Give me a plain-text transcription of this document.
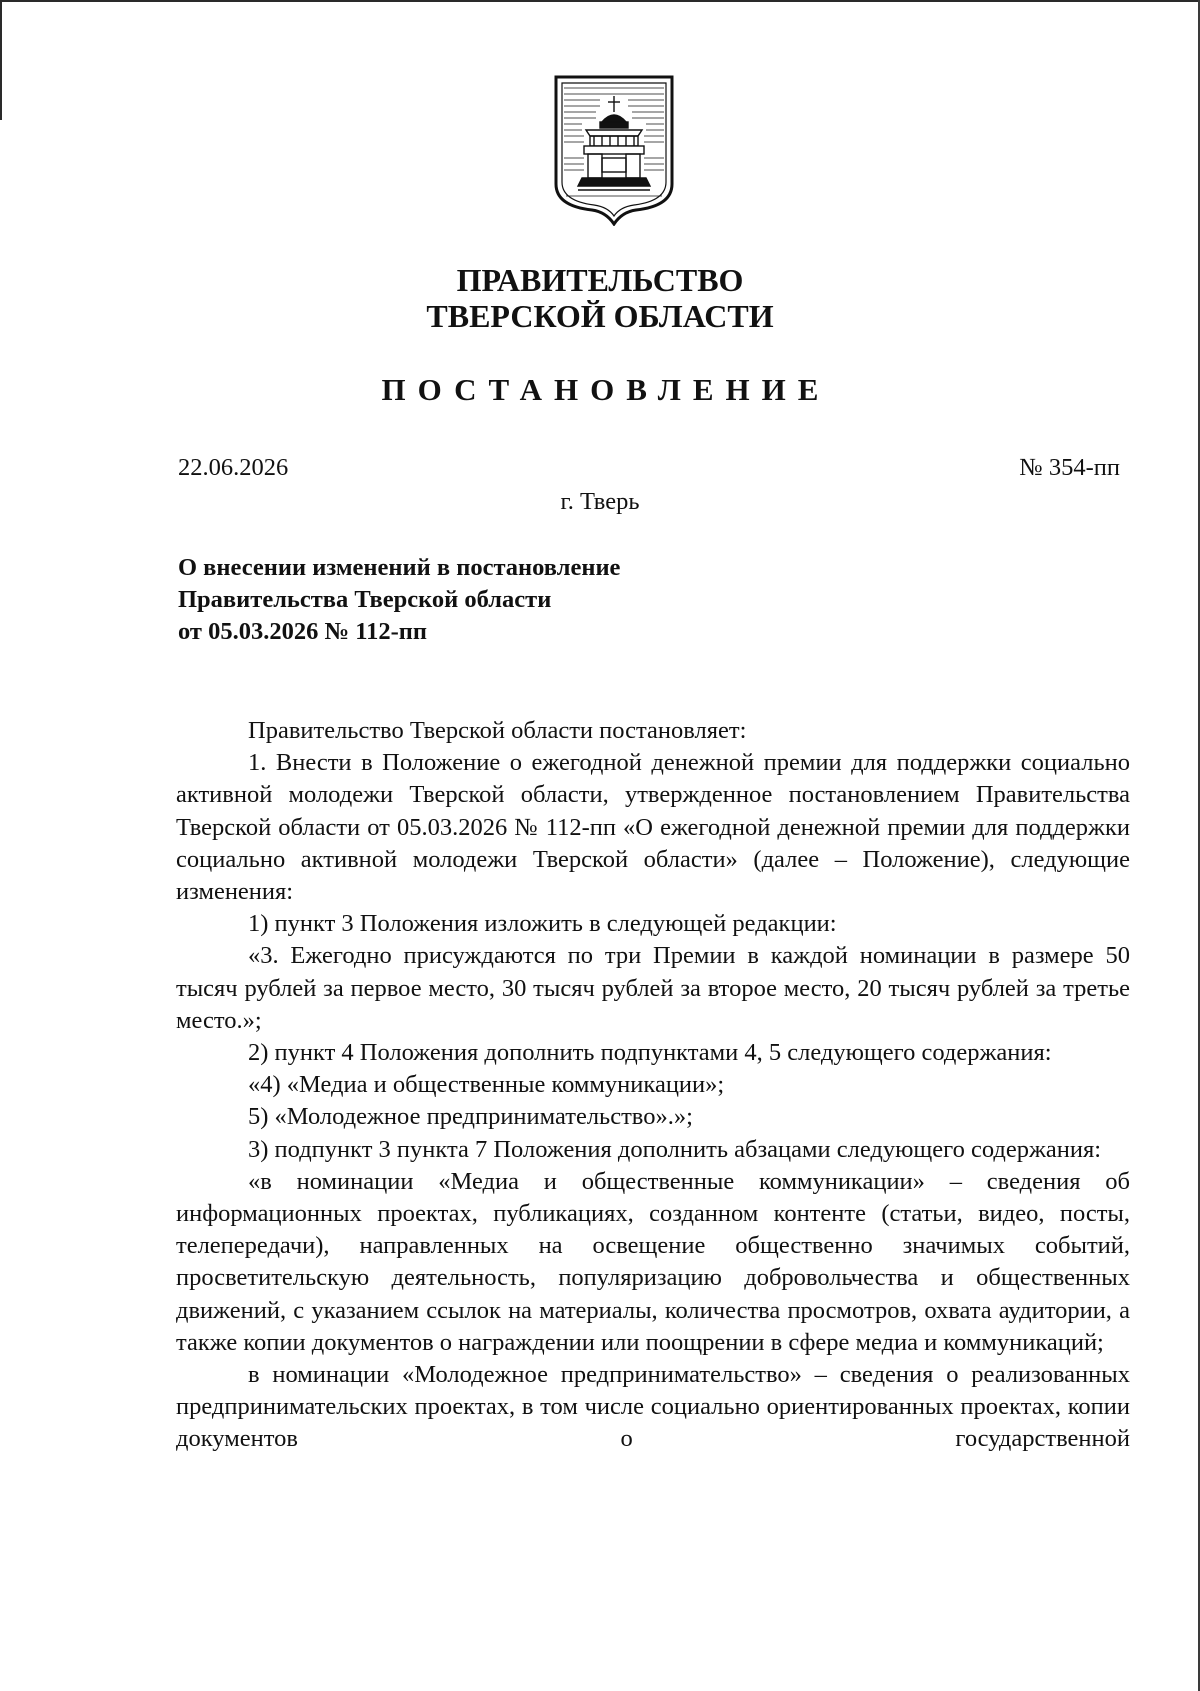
ПРАВИТЕЛЬСТВО
ТВЕРСКОЙ ОБЛАСТИ
ПОСТАНОВЛЕНИЕ
22.06.2026	№ 354-пп
г. Тверь
О внесении изменений в постановление
Правительства Тверской области
от 05.03.2026 № 112-пп

Правительство Тверской области постановляет:

1. Внести в Положение о ежегодной денежной премии для поддержки социально активной молодежи Тверской области, утвержденное постановлением Правительства Тверской области от 05.03.2026 № 112-пп «О ежегодной денежной премии для поддержки социально активной молодежи Тверской области» (далее – Положение), следующие изменения:

1) пункт 3 Положения изложить в следующей редакции:

«3. Ежегодно присуждаются по три Премии в каждой номинации в размере 50 тысяч рублей за первое место, 30 тысяч рублей за второе место, 20 тысяч рублей за третье место.»;

2) пункт 4 Положения дополнить подпунктами 4, 5 следующего содержания:

«4) «Медиа и общественные коммуникации»;

5) «Молодежное предпринимательство».»;

3) подпункт 3 пункта 7 Положения дополнить абзацами следующего содержания:

«в номинации «Медиа и общественные коммуникации» – сведения об информационных проектах, публикациях, созданном контенте (статьи, видео, посты, телепередачи), направленных на освещение общественно значимых событий, просветительскую деятельность, популяризацию добровольчества и общественных движений, с указанием ссылок на материалы, количества просмотров, охвата аудитории, а также копии документов о награждении или поощрении в сфере медиа и коммуникаций;

в номинации «Молодежное предпринимательство» – сведения о реализованных предпринимательских проектах, в том числе социально ориентированных проектах, копии документов о государственной
